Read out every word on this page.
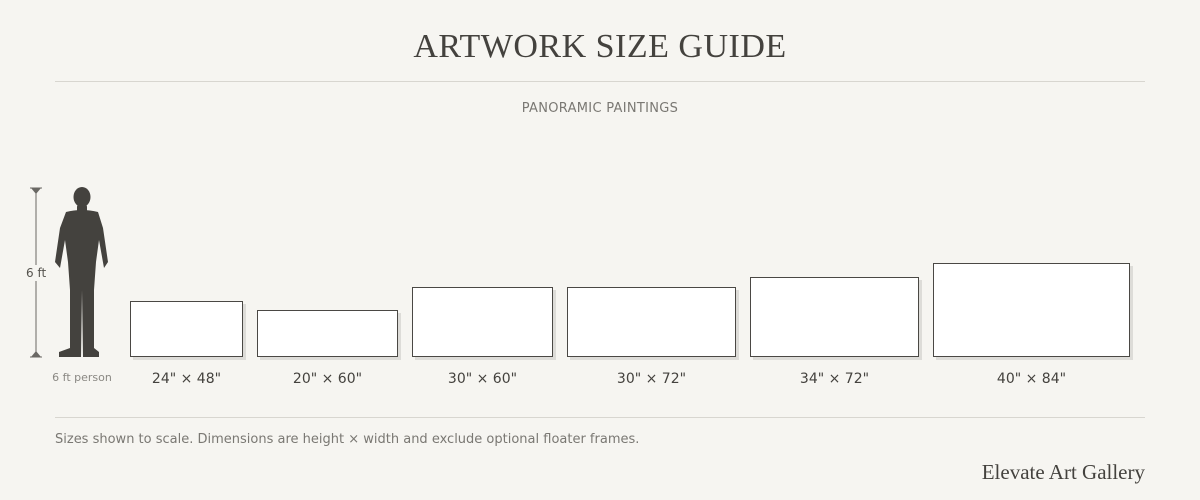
ARTWORK SIZE GUIDE
PANORAMIC PAINTINGS
6 ft
6 ft person	24" × 48"	20" × 60"	30" × 60"	30" × 72"	34" × 72"	40" × 84"
Sizes shown to scale. Dimensions are height × width and exclude optional floater frames.
Elevate Art Gallery
